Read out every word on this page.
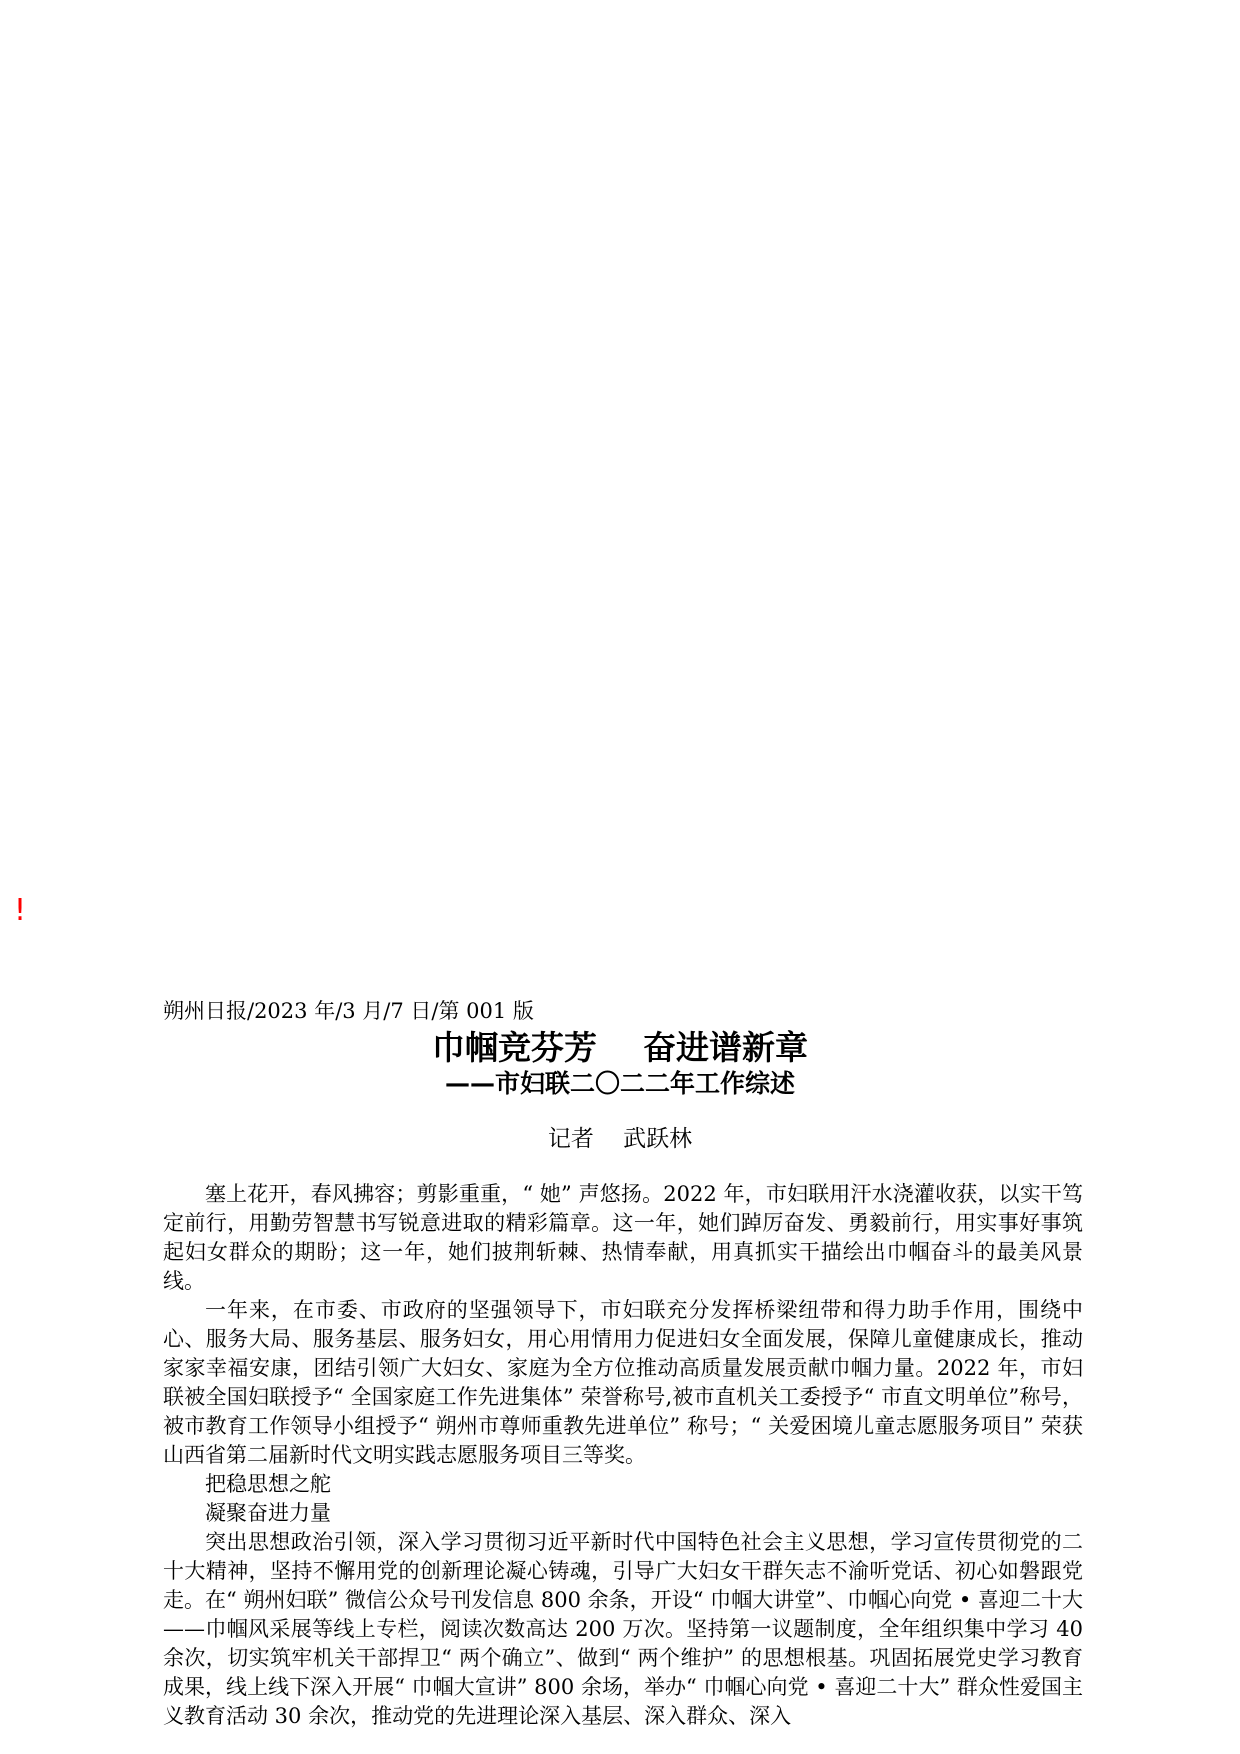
!
朔州日报/2023 年/3 月/7 日/第 001 版
巾帼竞芬芳    奋进谱新章
——市妇联二〇二二年工作综述
记者    武跃林

塞上花开，春风拂容；剪影重重，“ 她” 声悠扬。2022 年，市妇联用汗水浇灌收获，以实干笃定前行，用勤劳智慧书写锐意进取的精彩篇章。这一年，她们踔厉奋发、勇毅前行，用实事好事筑起妇女群众的期盼；这一年，她们披荆斩棘、热情奉献，用真抓实干描绘出巾帼奋斗的最美风景线。

一年来，在市委、市政府的坚强领导下，市妇联充分发挥桥梁纽带和得力助手作用，围绕中心、服务大局、服务基层、服务妇女，用心用情用力促进妇女全面发展，保障儿童健康成长，推动家家幸福安康，团结引领广大妇女、家庭为全方位推动高质量发展贡献巾帼力量。2022 年，市妇联被全国妇联授予“ 全国家庭工作先进集体” 荣誉称号,被市直机关工委授予“ 市直文明单位”称号，被市教育工作领导小组授予“ 朔州市尊师重教先进单位” 称号；“ 关爱困境儿童志愿服务项目” 荣获山西省第二届新时代文明实践志愿服务项目三等奖。

把稳思想之舵

凝聚奋进力量

突出思想政治引领，深入学习贯彻习近平新时代中国特色社会主义思想，学习宣传贯彻党的二十大精神，坚持不懈用党的创新理论凝心铸魂，引导广大妇女干群矢志不渝听党话、初心如磐跟党走。在“ 朔州妇联” 微信公众号刊发信息 800 余条，开设“ 巾帼大讲堂”、巾帼心向党 • 喜迎二十大——巾帼风采展等线上专栏，阅读次数高达 200 万次。坚持第一议题制度，全年组织集中学习 40 余次，切实筑牢机关干部捍卫“ 两个确立”、做到“ 两个维护” 的思想根基。巩固拓展党史学习教育成果，线上线下深入开展“ 巾帼大宣讲” 800 余场，举办“ 巾帼心向党 • 喜迎二十大” 群众性爱国主义教育活动 30 余次，推动党的先进理论深入基层、深入群众、深入
